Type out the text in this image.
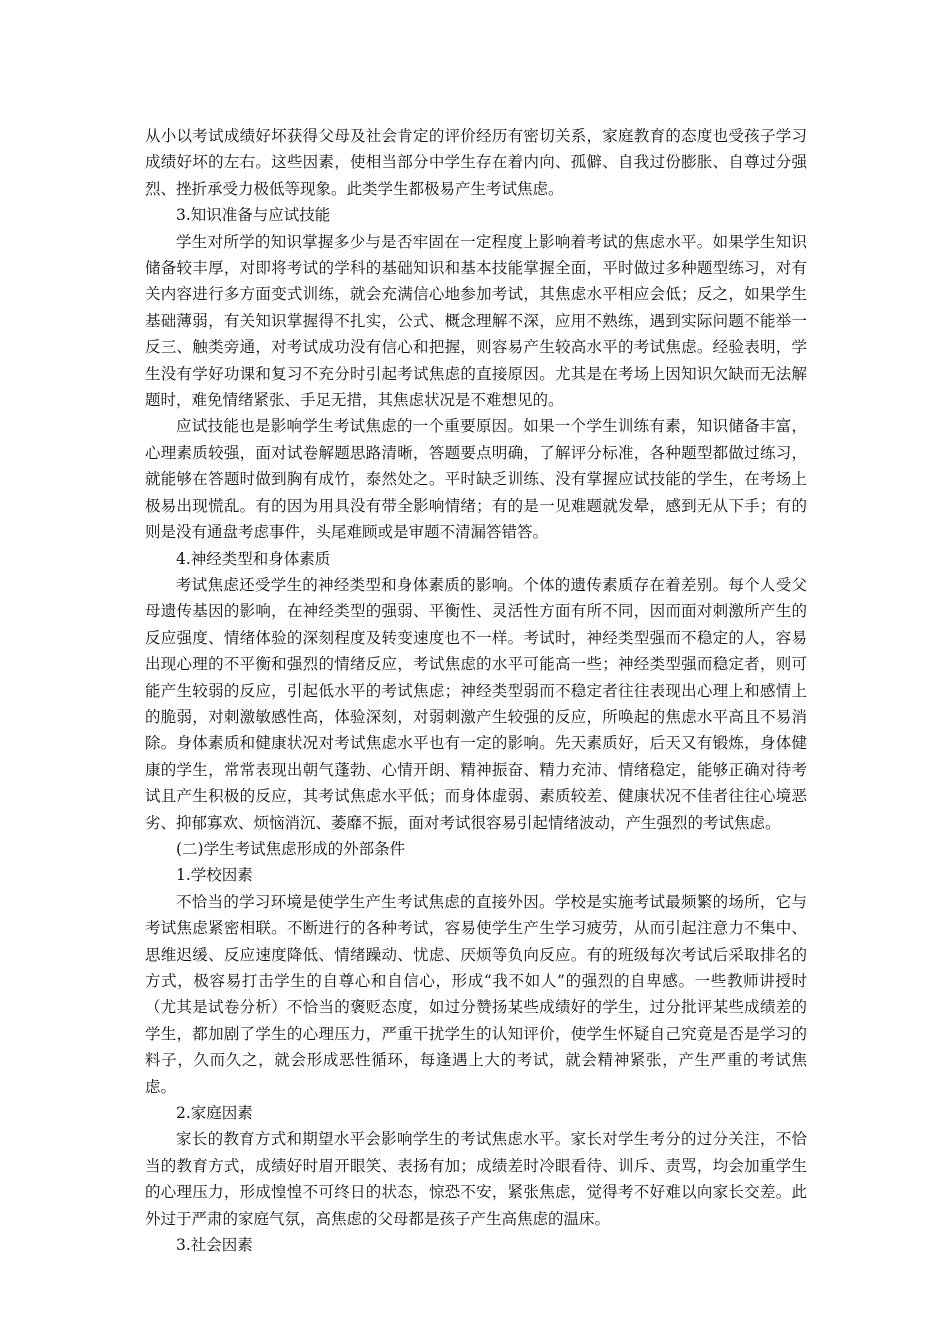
从小以考试成绩好坏获得父母及社会肯定的评价经历有密切关系，家庭教育的态度也受孩子学习成绩好坏的左右。这些因素，使相当部分中学生存在着内向、孤僻、自我过份膨胀、自尊过分强烈、挫折承受力极低等现象。此类学生都极易产生考试焦虑。

3.知识准备与应试技能

学生对所学的知识掌握多少与是否牢固在一定程度上影响着考试的焦虑水平。如果学生知识储备较丰厚，对即将考试的学科的基础知识和基本技能掌握全面，平时做过多种题型练习，对有关内容进行多方面变式训练，就会充满信心地参加考试，其焦虑水平相应会低；反之，如果学生基础薄弱，有关知识掌握得不扎实，公式、概念理解不深，应用不熟练，遇到实际问题不能举一反三、触类旁通，对考试成功没有信心和把握，则容易产生较高水平的考试焦虑。经验表明，学生没有学好功课和复习不充分时引起考试焦虑的直接原因。尤其是在考场上因知识欠缺而无法解题时，难免情绪紧张、手足无措，其焦虑状况是不难想见的。

应试技能也是影响学生考试焦虑的一个重要原因。如果一个学生训练有素，知识储备丰富，心理素质较强，面对试卷解题思路清晰，答题要点明确，了解评分标准，各种题型都做过练习，就能够在答题时做到胸有成竹，泰然处之。平时缺乏训练、没有掌握应试技能的学生，在考场上极易出现慌乱。有的因为用具没有带全影响情绪；有的是一见难题就发晕，感到无从下手；有的则是没有通盘考虑事件，头尾难顾或是审题不清漏答错答。

4.神经类型和身体素质

考试焦虑还受学生的神经类型和身体素质的影响。个体的遗传素质存在着差别。每个人受父母遗传基因的影响，在神经类型的强弱、平衡性、灵活性方面有所不同，因而面对刺激所产生的反应强度、情绪体验的深刻程度及转变速度也不一样。考试时，神经类型强而不稳定的人，容易出现心理的不平衡和强烈的情绪反应，考试焦虑的水平可能高一些；神经类型强而稳定者，则可能产生较弱的反应，引起低水平的考试焦虑；神经类型弱而不稳定者往往表现出心理上和感情上的脆弱，对刺激敏感性高，体验深刻，对弱刺激产生较强的反应，所唤起的焦虑水平高且不易消除。身体素质和健康状况对考试焦虑水平也有一定的影响。先天素质好，后天又有锻炼，身体健康的学生，常常表现出朝气蓬勃、心情开朗、精神振奋、精力充沛、情绪稳定，能够正确对待考试且产生积极的反应，其考试焦虑水平低；而身体虚弱、素质较差、健康状况不佳者往往心境恶劣、抑郁寡欢、烦恼消沉、萎靡不振，面对考试很容易引起情绪波动，产生强烈的考试焦虑。

(二)学生考试焦虑形成的外部条件

1.学校因素

不恰当的学习环境是使学生产生考试焦虑的直接外因。学校是实施考试最频繁的场所，它与考试焦虑紧密相联。不断进行的各种考试，容易使学生产生学习疲劳，从而引起注意力不集中、思维迟缓、反应速度降低、情绪躁动、忧虑、厌烦等负向反应。有的班级每次考试后采取排名的方式，极容易打击学生的自尊心和自信心，形成“我不如人”的强烈的自卑感。一些教师讲授时（尤其是试卷分析）不恰当的褒贬态度，如过分赞扬某些成绩好的学生，过分批评某些成绩差的学生，都加剧了学生的心理压力，严重干扰学生的认知评价，使学生怀疑自己究竟是否是学习的料子，久而久之，就会形成恶性循环，每逢遇上大的考试，就会精神紧张，产生严重的考试焦虑。

2.家庭因素

家长的教育方式和期望水平会影响学生的考试焦虑水平。家长对学生考分的过分关注，不恰当的教育方式，成绩好时眉开眼笑、表扬有加；成绩差时冷眼看待、训斥、责骂，均会加重学生的心理压力，形成惶惶不可终日的状态，惊恐不安，紧张焦虑，觉得考不好难以向家长交差。此外过于严肃的家庭气氛，高焦虑的父母都是孩子产生高焦虑的温床。

3.社会因素
